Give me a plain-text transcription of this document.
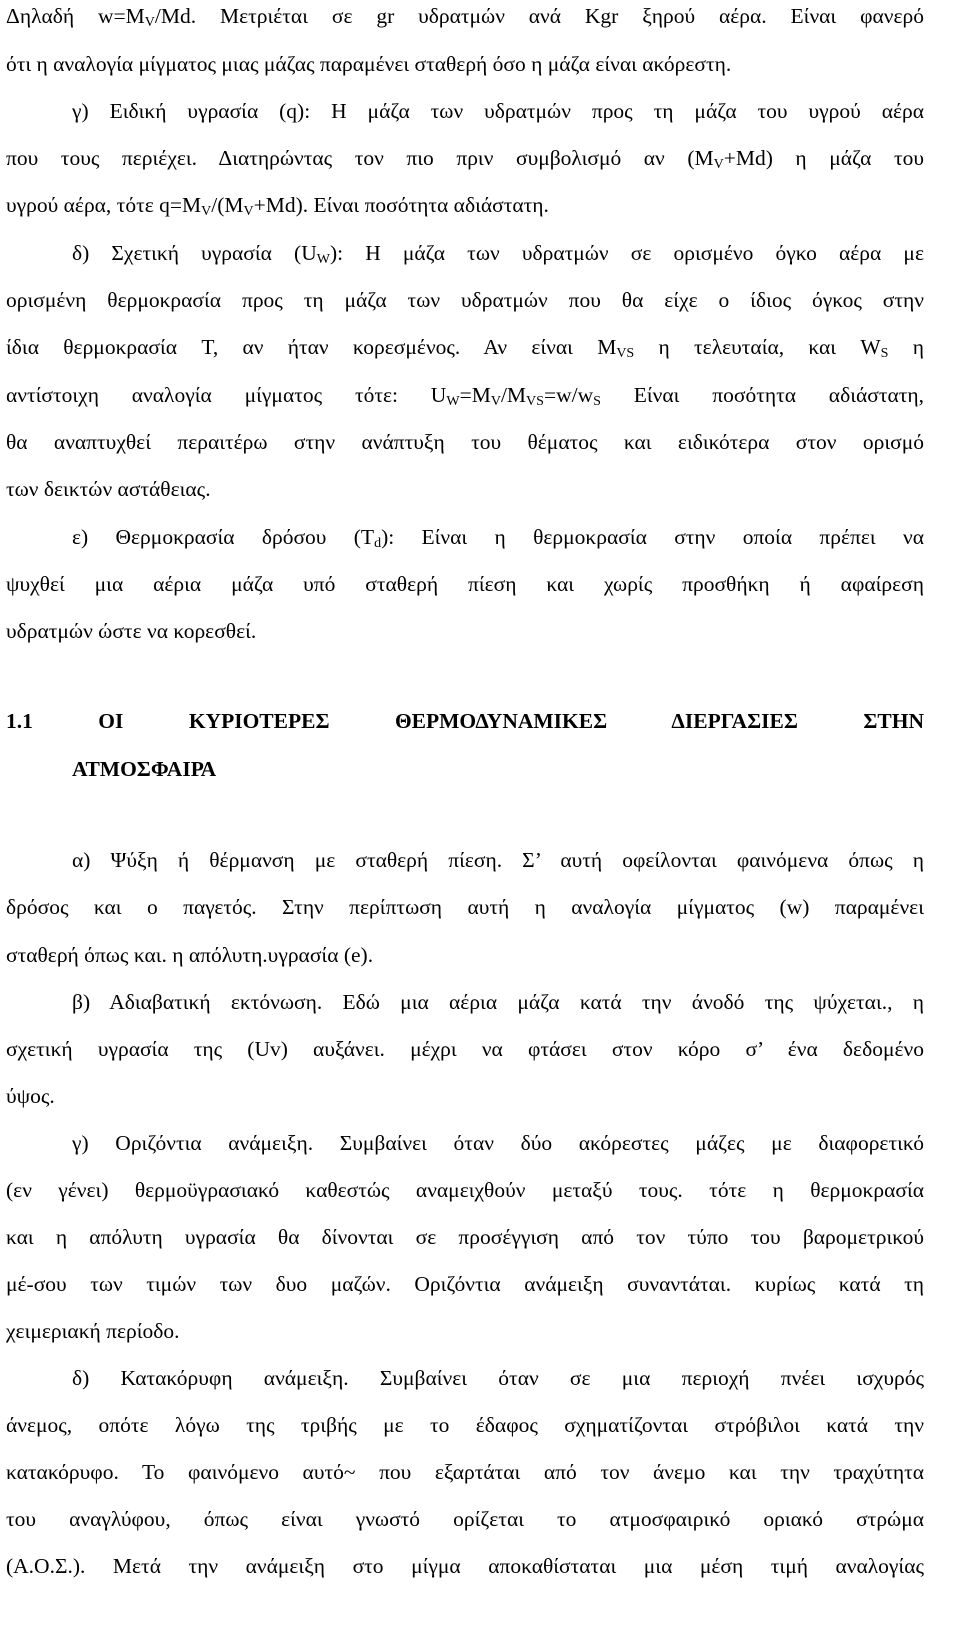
Δηλαδή $w=M_V/Md$. Μετριέται σε gr υδρατμών ανά Kgr ξηρού αέρα. Είναι φανερό
ότι η αναλογία μίγματος μιας μάζας παραμένει σταθερή όσο η μάζα είναι ακόρεστη.
γ) Ειδική υγρασία (q): Η μάζα των υδρατμών προς τη μάζα του υγρού αέρα
που τους περιέχει. Διατηρώντας τον πιο πριν συμβολισμό αν $(M_V+Md)$ η μάζα του
υγρού αέρα, τότε $q=M_V/(M_V+Md)$. Είναι ποσότητα αδιάστατη.
δ) Σχετική υγρασία $(U_W)$: Η μάζα των υδρατμών σε ορισμένο όγκο αέρα με
ορισμένη θερμοκρασία προς τη μάζα των υδρατμών που θα είχε ο ίδιος όγκος στην
ίδια θερμοκρασία T, αν ήταν κορεσμένος. Αν είναι $M_{VS}$ η τελευταία, και $W_S$ η
αντίστοιχη αναλογία μίγματος τότε: $U_W=M_V/M_{VS}=w/w_S$ Είναι ποσότητα αδιάστατη,
θα αναπτυχθεί περαιτέρω στην ανάπτυξη του θέματος και ειδικότερα στον ορισμό
των δεικτών αστάθειας.
ε) Θερμοκρασία δρόσου $(T_d)$: Είναι η θερμοκρασία στην οποία πρέπει να
ψυχθεί μια αέρια μάζα υπό σταθερή πίεση και χωρίς προσθήκη ή αφαίρεση
υδρατμών ώστε να κορεσθεί.
1.1 ΟΙ ΚΥΡΙΟΤΕΡΕΣ ΘΕΡΜΟΔΥΝΑΜΙΚΕΣ ΔΙΕΡΓΑΣΙΕΣ ΣΤΗΝ
ΑΤΜΟΣΦΑΙΡΑ
α) Ψύξη ή θέρμανση με σταθερή πίεση. Σ’ αυτή οφείλονται φαινόμενα όπως η
δρόσος και ο παγετός. Στην περίπτωση αυτή η αναλογία μίγματος (w) παραμένει
σταθερή όπως και. η απόλυτη.υγρασία (e).
β) Αδιαβατική εκτόνωση. Εδώ μια αέρια μάζα κατά την άνοδό της ψύχεται., η
σχετική υγρασία της (Uv) αυξάνει. μέχρι να φτάσει στον κόρο σ’ ένα δεδομένο
ύψος.
γ) Οριζόντια ανάμειξη. Συμβαίνει όταν δύο ακόρεστες μάζες με διαφορετικό
(εν γένει) θερμοϋγρασιακό καθεστώς αναμειχθούν μεταξύ τους. τότε η θερμοκρασία
και η απόλυτη υγρασία θα δίνονται σε προσέγγιση από τον τύπο του βαρομετρικού
μέ-σου των τιμών των δυο μαζών. Οριζόντια ανάμειξη συναντάται. κυρίως κατά τη
χειμεριακή περίοδο.
δ) Κατακόρυφη ανάμειξη. Συμβαίνει όταν σε μια περιοχή πνέει ισχυρός
άνεμος, οπότε λόγω της τριβής με το έδαφος σχηματίζονται στρόβιλοι κατά την
κατακόρυφο. Το φαινόμενο αυτό~ που εξαρτάται από τον άνεμο και την τραχύτητα
του αναγλύφου, όπως είναι γνωστό ορίζεται το ατμοσφαιρικό οριακό στρώμα
(Α.Ο.Σ.). Μετά την ανάμειξη στο μίγμα αποκαθίσταται μια μέση τιμή αναλογίας
